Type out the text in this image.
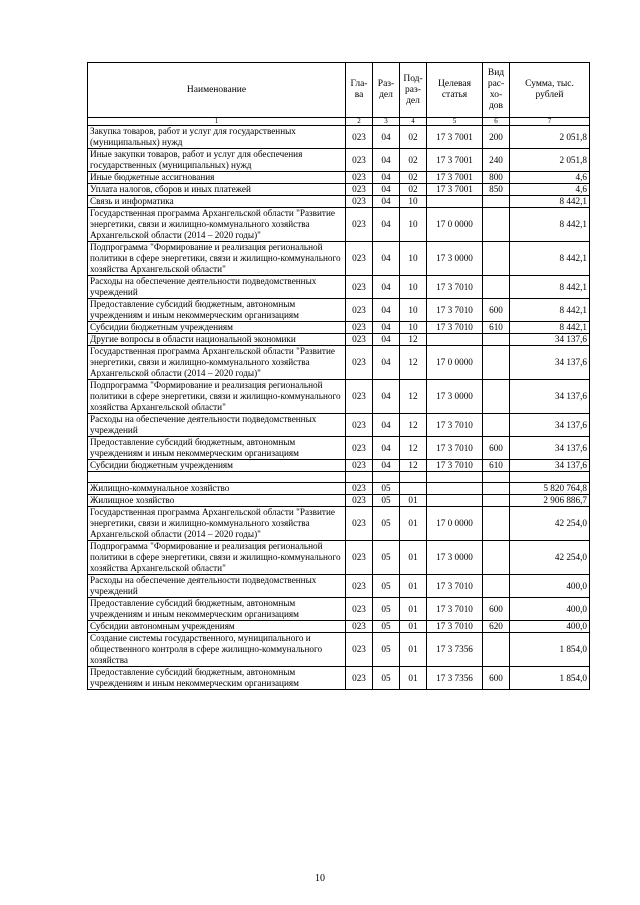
Наименование	Гла-ва	Раз-дел	Под-раз-дел	Целевая статья	Вид рас-хо-дов	Сумма, тыс. рублей
1	2	3	4	5	6	7
Закупка товаров, работ и услуг для государственных (муниципальных) нужд	023	04	02	17 3 7001	200	2 051,8
Иные закупки товаров, работ и услуг для обеспечения государственных (муниципальных) нужд	023	04	02	17 3 7001	240	2 051,8
Иные бюджетные ассигнования	023	04	02	17 3 7001	800	4,6
Уплата налогов, сборов и иных платежей	023	04	02	17 3 7001	850	4,6
Связь и информатика	023	04	10			8 442,1
Государственная программа Архангельской области "Развитие энергетики, связи и жилищно-коммунального хозяйства Архангельской области (2014 – 2020 годы)"	023	04	10	17 0 0000		8 442,1
Подпрограмма "Формирование и реализация региональной политики в сфере энергетики, связи и жилищно-коммунального хозяйства Архангельской области"	023	04	10	17 3 0000		8 442,1
Расходы на обеспечение деятельности подведомственных учреждений	023	04	10	17 3 7010		8 442,1
Предоставление субсидий бюджетным, автономным учреждениям и иным некоммерческим организациям	023	04	10	17 3 7010	600	8 442,1
Субсидии бюджетным учреждениям	023	04	10	17 3 7010	610	8 442,1
Другие вопросы в области национальной экономики	023	04	12			34 137,6
Государственная программа Архангельской области "Развитие энергетики, связи и жилищно-коммунального хозяйства Архангельской области (2014 – 2020 годы)"	023	04	12	17 0 0000		34 137,6
Подпрограмма "Формирование и реализация региональной политики в сфере энергетики, связи и жилищно-коммунального хозяйства Архангельской области"	023	04	12	17 3 0000		34 137,6
Расходы на обеспечение деятельности подведомственных учреждений	023	04	12	17 3 7010		34 137,6
Предоставление субсидий бюджетным, автономным учреждениям и иным некоммерческим организациям	023	04	12	17 3 7010	600	34 137,6
Субсидии бюджетным учреждениям	023	04	12	17 3 7010	610	34 137,6

Жилищно-коммунальное хозяйство	023	05				5 820 764,8
Жилищное хозяйство	023	05	01			2 906 886,7
Государственная программа Архангельской области "Развитие энергетики, связи и жилищно-коммунального хозяйства Архангельской области (2014 – 2020 годы)"	023	05	01	17 0 0000		42 254,0
Подпрограмма "Формирование и реализация региональной политики в сфере энергетики, связи и жилищно-коммунального хозяйства Архангельской области"	023	05	01	17 3 0000		42 254,0
Расходы на обеспечение деятельности подведомственных учреждений	023	05	01	17 3 7010		400,0
Предоставление субсидий бюджетным, автономным учреждениям и иным некоммерческим организациям	023	05	01	17 3 7010	600	400,0
Субсидии автономным учреждениям	023	05	01	17 3 7010	620	400,0
Создание системы государственного, муниципального и общественного контроля в сфере жилищно-коммунального хозяйства	023	05	01	17 3 7356		1 854,0
Предоставление субсидий бюджетным, автономным учреждениям и иным некоммерческим организациям	023	05	01	17 3 7356	600	1 854,0
10
